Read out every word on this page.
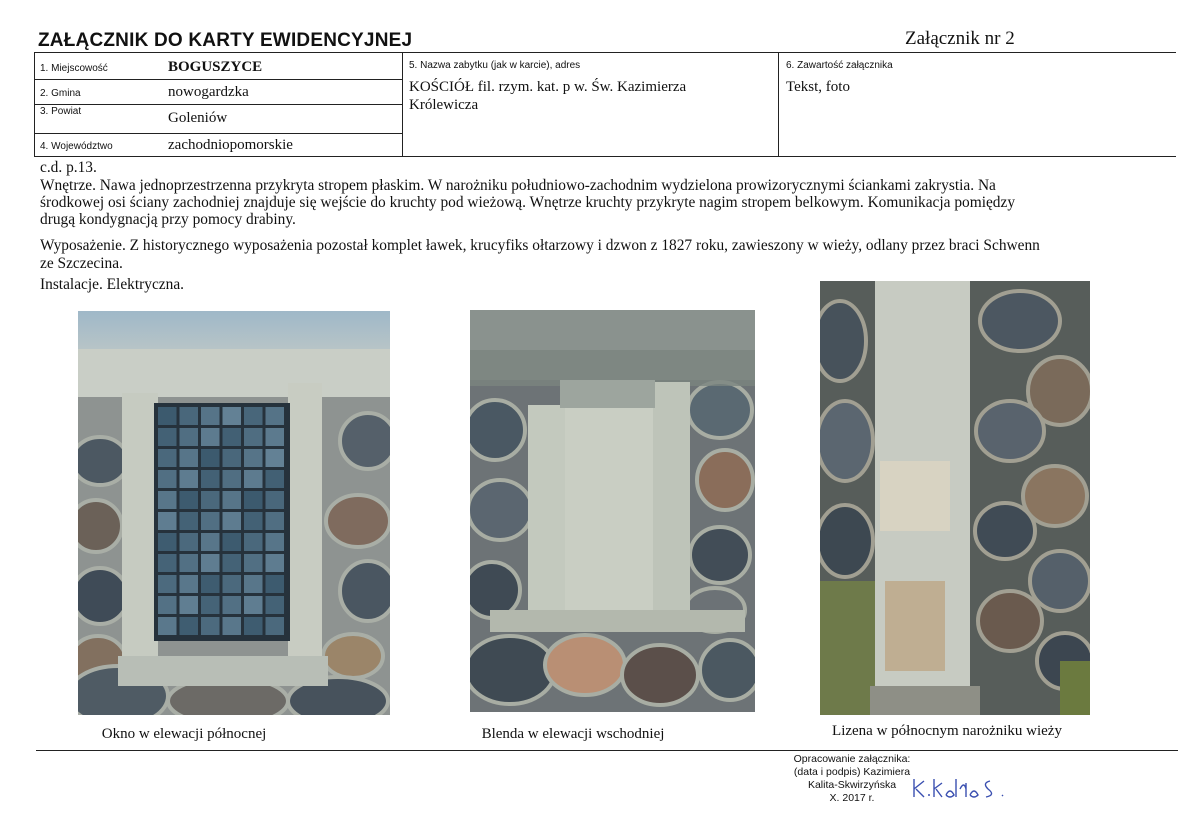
ZAŁĄCZNIK DO KARTY EWIDENCYJNEJ	Załącznik nr 2
1. Miejscowość	BOGUSZYCE
2. Gmina	nowogardzka
3. Powiat	Goleniów
4. Województwo	zachodniopomorskie
5. Nazwa zabytku (jak w karcie), adres
KOŚCIÓŁ fil. rzym. kat. p w. Św. Kazimierza
Królewicza
6. Zawartość załącznika
Tekst, foto
c.d. p.13.
Wnętrze. Nawa jednoprzestrzenna przykryta stropem płaskim. W narożniku południowo-zachodnim wydzielona prowizorycznymi ściankami zakrystia. Na
środkowej osi ściany zachodniej znajduje się wejście do kruchty pod wieżową. Wnętrze kruchty przykryte nagim stropem belkowym. Komunikacja pomiędzy
drugą kondygnacją przy pomocy drabiny.
Wyposażenie. Z historycznego wyposażenia pozostał komplet ławek, krucyfiks ołtarzowy i dzwon z 1827 roku, zawieszony w wieży, odlany przez braci Schwenn
ze Szczecina.
Instalacje. Elektryczna.
Okno w elewacji północnej	Blenda w elewacji wschodniej	Lizena w północnym narożniku wieży
Opracowanie załącznika:
(data i podpis) Kazimiera
Kalita-Skwirzyńska
X. 2017 r.
